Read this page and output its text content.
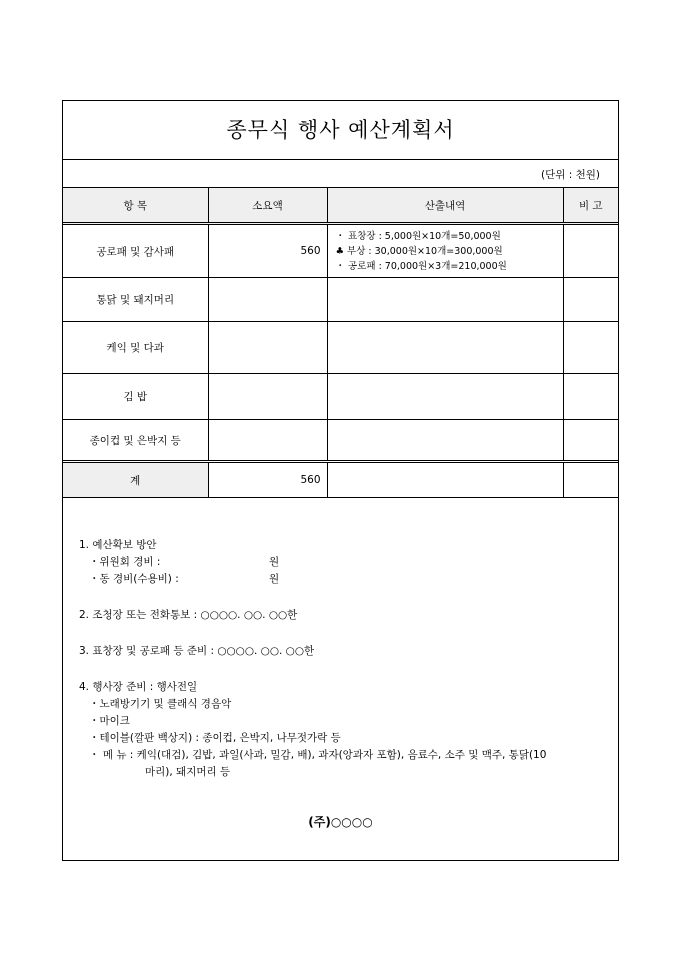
종무식 행사 예산계획서
(단위 : 천원)
항 목	소요액	산출내역	비 고
공로패 및 감사패	560	・ 표창장 : 5,000원×10개=50,000원
♣ 부상 : 30,000원×10개=300,000원
・ 공로패 : 70,000원×3개=210,000원	

통닭 및 돼지머리			
케익 및 다과			
김 밥			
종이컵 및 은박지 등			
계	560		
1. 예산확보 방안
・위원회 경비 :	원
・동 경비(수용비) :	원
2. 조청장 또는 전화통보 : ○○○○. ○○. ○○한
3. 표창장 및 공로패 등 준비 : ○○○○. ○○. ○○한
4. 행사장 준비 : 행사전일
・노래방기기 및 클래식 경음악
・마이크
・테이블(깔판 백상지) : 종이컵, 은박지, 나무젓가락 등
・ 메 뉴 : 케익(대검), 김밥, 과일(사과, 밀감, 배), 과자(앙과자 포함), 음료수, 소주 및 맥주, 통닭(10
마리), 돼지머리 등
(주)○○○○
